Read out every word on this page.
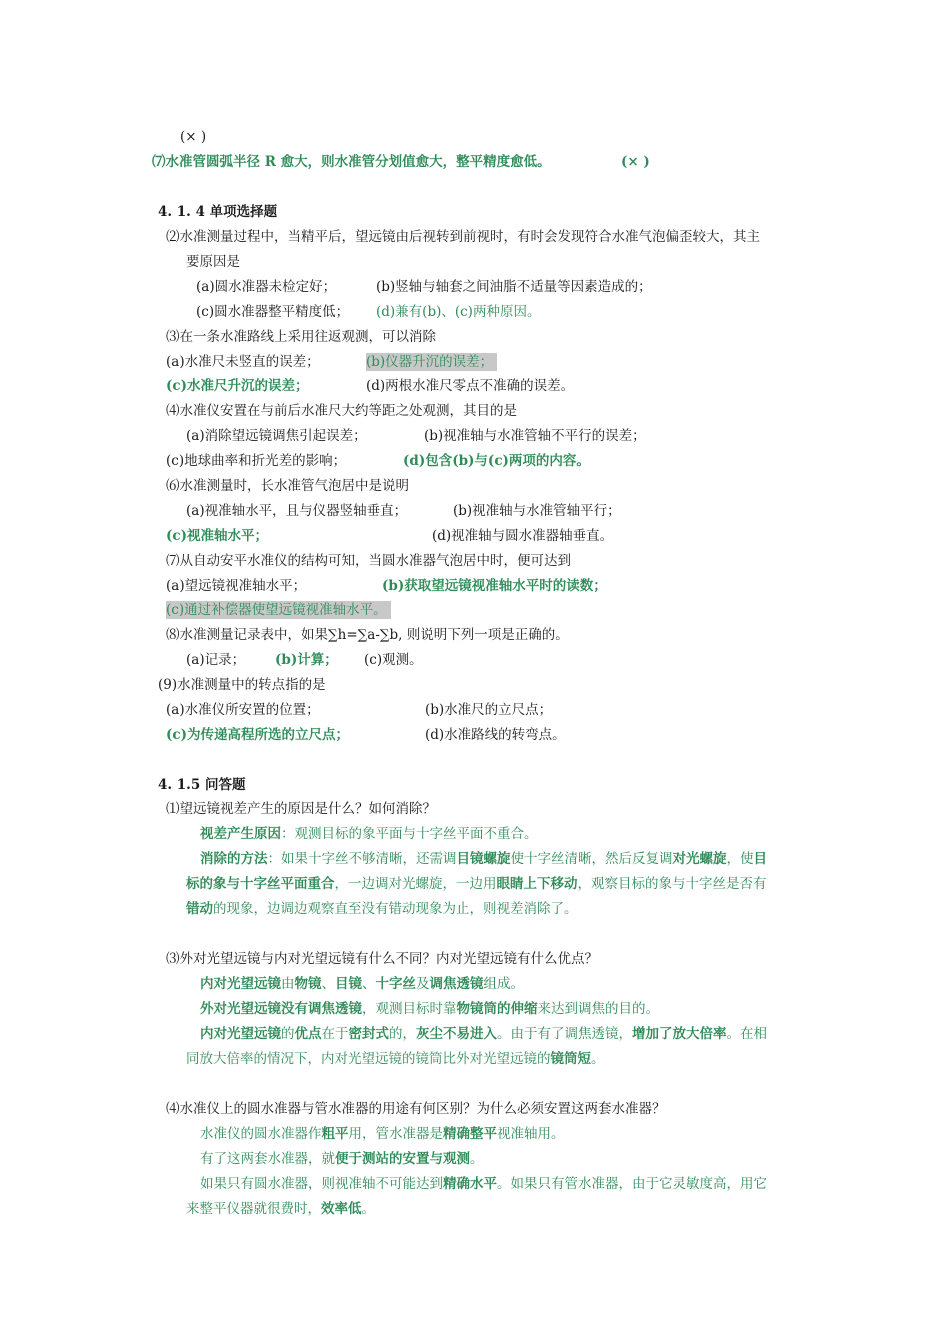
(× )
⑺水准管圆弧半径 R 愈大，则水准管分划值愈大，整平精度愈低。	(× )
4. 1. 4 单项选择题
⑵水准测量过程中，当精平后，望远镜由后视转到前视时，有时会发现符合水准气泡偏歪较大，其主
要原因是
(a)圆水准器未检定好；	(b)竖轴与轴套之间油脂不适量等因素造成的；
(c)圆水准器整平精度低； (d)兼有(b)、(c)两种原因。
⑶在一条水准路线上采用往返观测，可以消除
(a)水准尺未竖直的误差；	(b)仪器升沉的误差；
(c)水准尺升沉的误差；	(d)两根水准尺零点不准确的误差。
⑷水准仪安置在与前后水准尺大约等距之处观测，其目的是
(a)消除望远镜调焦引起误差；	(b)视准轴与水准管轴不平行的误差；
(c)地球曲率和折光差的影响；	(d)包含(b)与(c)两项的内容。
⑹水准测量时，长水准管气泡居中是说明
(a)视准轴水平，且与仪器竖轴垂直；	(b)视准轴与水准管轴平行；
(c)视准轴水平；	(d)视准轴与圆水准器轴垂直。
⑺从自动安平水准仪的结构可知，当圆水准器气泡居中时，便可达到
(a)望远镜视准轴水平；	(b)获取望远镜视准轴水平时的读数；
(c)通过补偿器使望远镜视准轴水平。
⑻水准测量记录表中，如果∑h=∑a-∑b, 则说明下列一项是正确的。
(a)记录； (b)计算； (c)观测。
(9)水准测量中的转点指的是
(a)水准仪所安置的位置；	(b)水准尺的立尺点；
(c)为传递高程所选的立尺点；	(d)水准路线的转弯点。
4. 1.5 问答题
⑴望远镜视差产生的原因是什么？如何消除？
视差产生原因：观测目标的象平面与十字丝平面不重合。
消除的方法：如果十字丝不够清晰，还需调目镜螺旋使十字丝清晰，然后反复调对光螺旋，使目
标的象与十字丝平面重合，一边调对光螺旋，一边用眼睛上下移动，观察目标的象与十字丝是否有
错动的现象，边调边观察直至没有错动现象为止，则视差消除了。
⑶外对光望远镜与内对光望远镜有什么不同？内对光望远镜有什么优点？
内对光望远镜由物镜、目镜、十字丝及调焦透镜组成。
外对光望远镜没有调焦透镜，观测目标时靠物镜筒的伸缩来达到调焦的目的。
内对光望远镜的优点在于密封式的，灰尘不易进入。由于有了调焦透镜，增加了放大倍率。在相
同放大倍率的情况下，内对光望远镜的镜筒比外对光望远镜的镜筒短。
⑷水准仪上的圆水准器与管水准器的用途有何区别？为什么必须安置这两套水准器？
水准仪的圆水准器作粗平用，管水准器是精确整平视准轴用。
有了这两套水准器，就便于测站的安置与观测。
如果只有圆水准器，则视准轴不可能达到精确水平。如果只有管水准器，由于它灵敏度高，用它
来整平仪器就很费时，效率低。
